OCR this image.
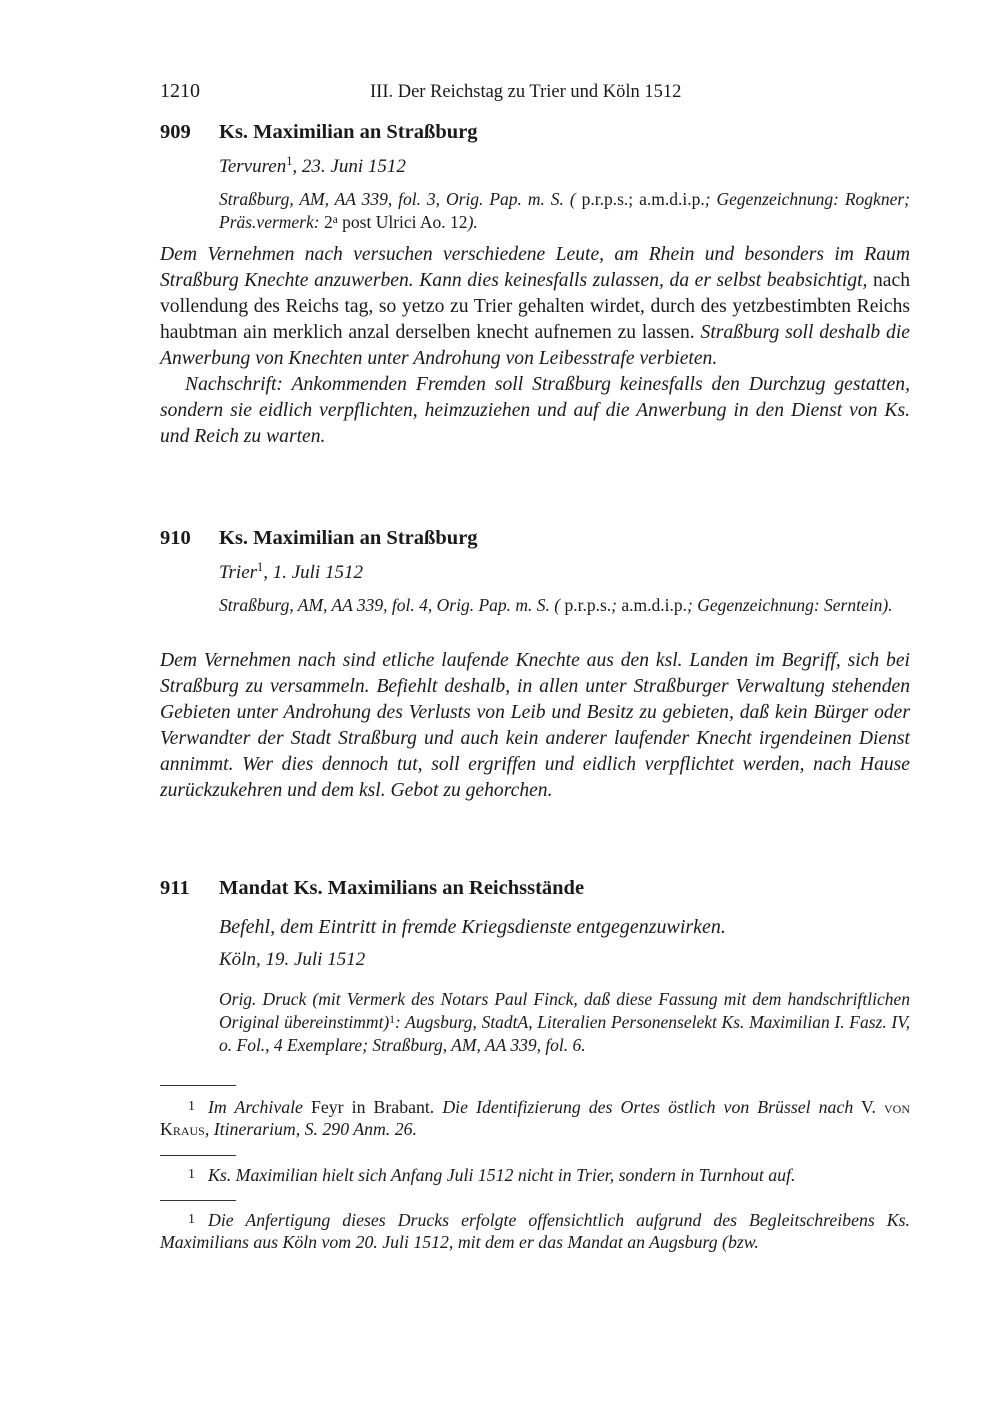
1210	III. Der Reichstag zu Trier und Köln 1512
909 Ks. Maximilian an Straßburg
Tervuren$^1$, 23. Juni 1512
Straßburg, AM, AA 339, fol. 3, Orig. Pap. m. S. ( p.r.p.s.; a.m.d.i.p.; Gegenzeichnung: Rogkner; Präs.vermerk: 2$^a$ post Ulrici Ao. 12).

Dem Vernehmen nach versuchen verschiedene Leute, am Rhein und besonders im Raum Straßburg Knechte anzuwerben. Kann dies keinesfalls zulassen, da er selbst beabsichtigt, nach vollendung des Reichs tag, so yetzo zu Trier gehalten wirdet, durch des yetzbestimbten Reichs haubtman ain merklich anzal derselben knecht aufnemen zu lassen. Straßburg soll deshalb die Anwerbung von Knechten unter Androhung von Leibesstrafe verbieten.

Nachschrift: Ankommenden Fremden soll Straßburg keinesfalls den Durchzug gestatten, sondern sie eidlich verpflichten, heimzuziehen und auf die Anwerbung in den Dienst von Ks. und Reich zu warten.

910 Ks. Maximilian an Straßburg
Trier$^1$, 1. Juli 1512
Straßburg, AM, AA 339, fol. 4, Orig. Pap. m. S. ( p.r.p.s.; a.m.d.i.p.; Gegenzeichnung: Serntein).

Dem Vernehmen nach sind etliche laufende Knechte aus den ksl. Landen im Begriff, sich bei Straßburg zu versammeln. Befiehlt deshalb, in allen unter Straßburger Verwaltung stehenden Gebieten unter Androhung des Verlusts von Leib und Besitz zu gebieten, daß kein Bürger oder Verwandter der Stadt Straßburg und auch kein anderer laufender Knecht irgendeinen Dienst annimmt. Wer dies dennoch tut, soll ergriffen und eidlich verpflichtet werden, nach Hause zurückzukehren und dem ksl. Gebot zu gehorchen.

911 Mandat Ks. Maximilians an Reichsstände
Befehl, dem Eintritt in fremde Kriegsdienste entgegenzuwirken.
Köln, 19. Juli 1512
Orig. Druck (mit Vermerk des Notars Paul Finck, daß diese Fassung mit dem handschriftlichen Original übereinstimmt)$^1$: Augsburg, StadtA, Literalien Personenselekt Ks. Maximilian I. Fasz. IV, o. Fol., 4 Exemplare; Straßburg, AM, AA 339, fol. 6.
1 Im Archivale Feyr in Brabant. Die Identifizierung des Ortes östlich von Brüssel nach V. von Kraus, Itinerarium, S. 290 Anm. 26.
1 Ks. Maximilian hielt sich Anfang Juli 1512 nicht in Trier, sondern in Turnhout auf.
1 Die Anfertigung dieses Drucks erfolgte offensichtlich aufgrund des Begleitschreibens Ks. Maximilians aus Köln vom 20. Juli 1512, mit dem er das Mandat an Augsburg (bzw.
